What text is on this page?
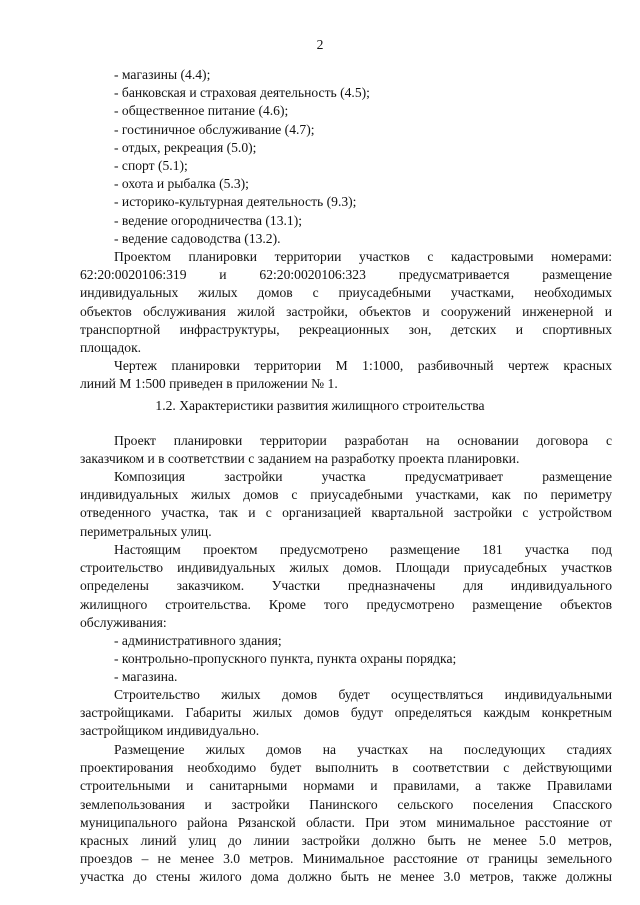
2
- магазины (4.4);
- банковская и страховая деятельность (4.5);
- общественное питание (4.6);
- гостиничное обслуживание (4.7);
- отдых, рекреация (5.0);
- спорт (5.1);
- охота и рыбалка (5.3);
- историко-культурная деятельность (9.3);
- ведение огородничества (13.1);
- ведение садоводства (13.2).
Проектом планировки территории участков с кадастровыми номерами:
62:20:0020106:319 и 62:20:0020106:323 предусматривается размещение
индивидуальных жилых домов с приусадебными участками, необходимых
объектов обслуживания жилой застройки, объектов и сооружений инженерной и
транспортной инфраструктуры, рекреационных зон, детских и спортивных
площадок.
Чертеж планировки территории М 1:1000, разбивочный чертеж красных
линий М 1:500 приведен в приложении № 1.
1.2. Характеристики развития жилищного строительства
Проект планировки территории разработан на основании договора с
заказчиком и в соответствии с заданием на разработку проекта планировки.
Композиция застройки участка предусматривает размещение
индивидуальных жилых домов с приусадебными участками, как по периметру
отведенного участка, так и с организацией квартальной застройки с устройством
периметральных улиц.
Настоящим проектом предусмотрено размещение 181 участка под
строительство индивидуальных жилых домов. Площади приусадебных участков
определены заказчиком. Участки предназначены для индивидуального
жилищного строительства. Кроме того предусмотрено размещение объектов
обслуживания:
- административного здания;
- контрольно-пропускного пункта, пункта охраны порядка;
- магазина.
Строительство жилых домов будет осуществляться индивидуальными
застройщиками. Габариты жилых домов будут определяться каждым конкретным
застройщиком индивидуально.
Размещение жилых домов на участках на последующих стадиях
проектирования необходимо будет выполнить в соответствии с действующими
строительными и санитарными нормами и правилами, а также Правилами
землепользования и застройки Панинского сельского поселения Спасского
муниципального района Рязанской области. При этом минимальное расстояние от
красных линий улиц до линии застройки должно быть не менее 5.0 метров,
проездов – не менее 3.0 метров. Минимальное расстояние от границы земельного
участка до стены жилого дома должно быть не менее 3.0 метров, также должны
